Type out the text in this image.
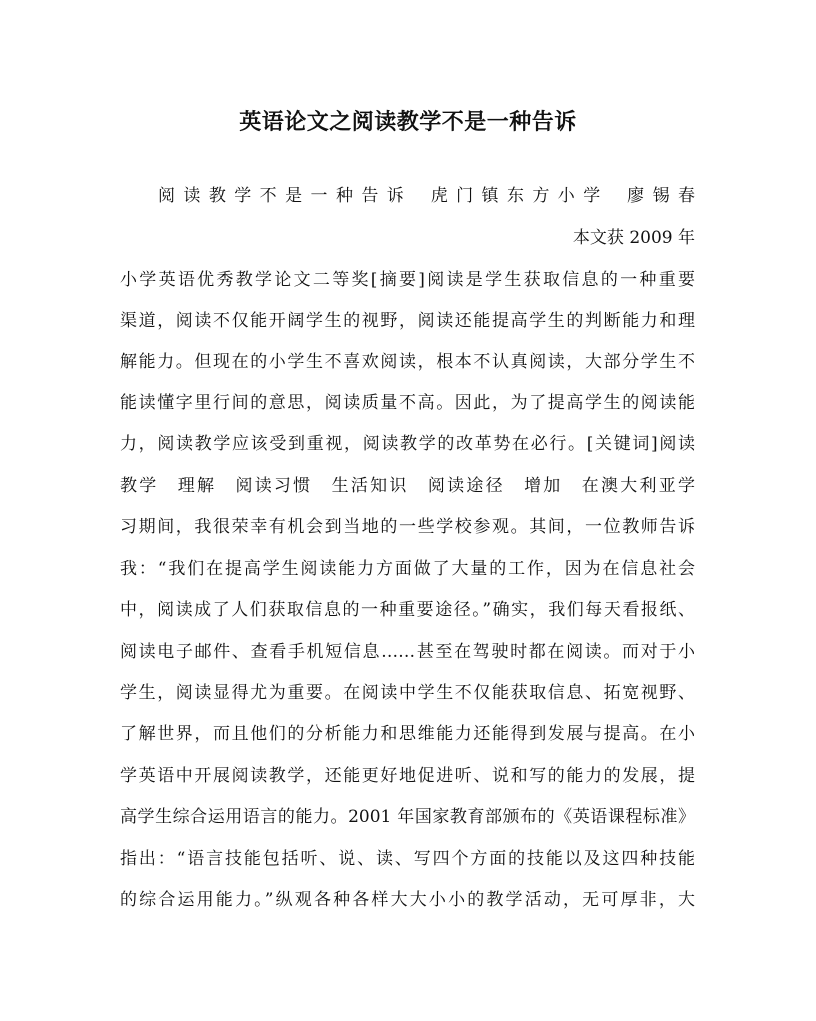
英语论文之阅读教学不是一种告诉
阅 读 教 学 不 是 一 种 告 诉　 虎 门 镇 东 方 小 学　 廖 锡 春
本文获 2009 年
小学英语优秀教学论文二等奖[摘要]阅读是学生获取信息的一种重要
渠道，阅读不仅能开阔学生的视野，阅读还能提高学生的判断能力和理
解能力。但现在的小学生不喜欢阅读，根本不认真阅读，大部分学生不
能读懂字里行间的意思，阅读质量不高。因此，为了提高学生的阅读能
力，阅读教学应该受到重视，阅读教学的改革势在必行。[关键词]阅读
教学　理解　阅读习惯　生活知识　阅读途径　增加　在澳大利亚学
习期间，我很荣幸有机会到当地的一些学校参观。其间，一位教师告诉
我：“我们在提高学生阅读能力方面做了大量的工作，因为在信息社会
中，阅读成了人们获取信息的一种重要途径。”确实，我们每天看报纸、
阅读电子邮件、查看手机短信息……甚至在驾驶时都在阅读。而对于小
学生，阅读显得尤为重要。在阅读中学生不仅能获取信息、拓宽视野、
了解世界，而且他们的分析能力和思维能力还能得到发展与提高。在小
学英语中开展阅读教学，还能更好地促进听、说和写的能力的发展，提
高学生综合运用语言的能力。2001 年国家教育部颁布的《英语课程标准》
指出：“语言技能包括听、说、读、写四个方面的技能以及这四种技能
的综合运用能力。”纵观各种各样大大小小的教学活动，无可厚非，大
